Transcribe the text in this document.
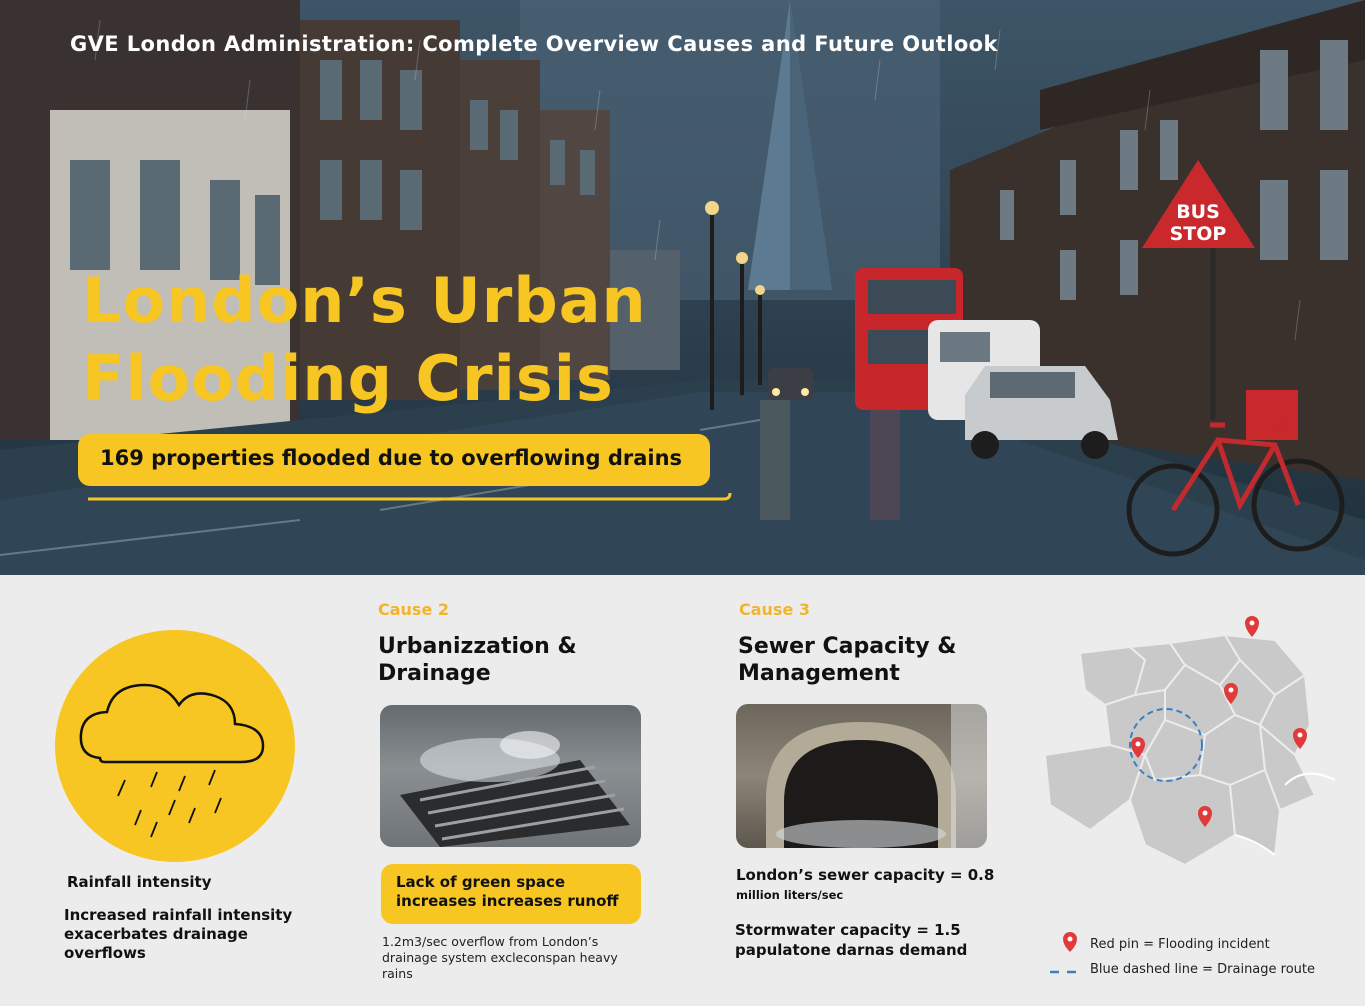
BUS
STOP
GVE London Administration: Complete Overview Causes and Future Outlook
London’s Urban
Flooding Crisis
169 properties flooded due to overflowing drains
Rainfall intensity
Increased rainfall intensity exacerbates drainage overflows
Cause 2
Urbanizzation &
Drainage
Lack of green space increases increases runoff
1.2m3/sec overflow from London’s drainage system excleconspan heavy rains
Cause 3
Sewer Capacity &
Management
London’s sewer capacity = 0.8
million liters/sec
Stormwater capacity = 1.5 papulatone darnas demand	Red pin = Flooding incident
Blue dashed line = Drainage route
